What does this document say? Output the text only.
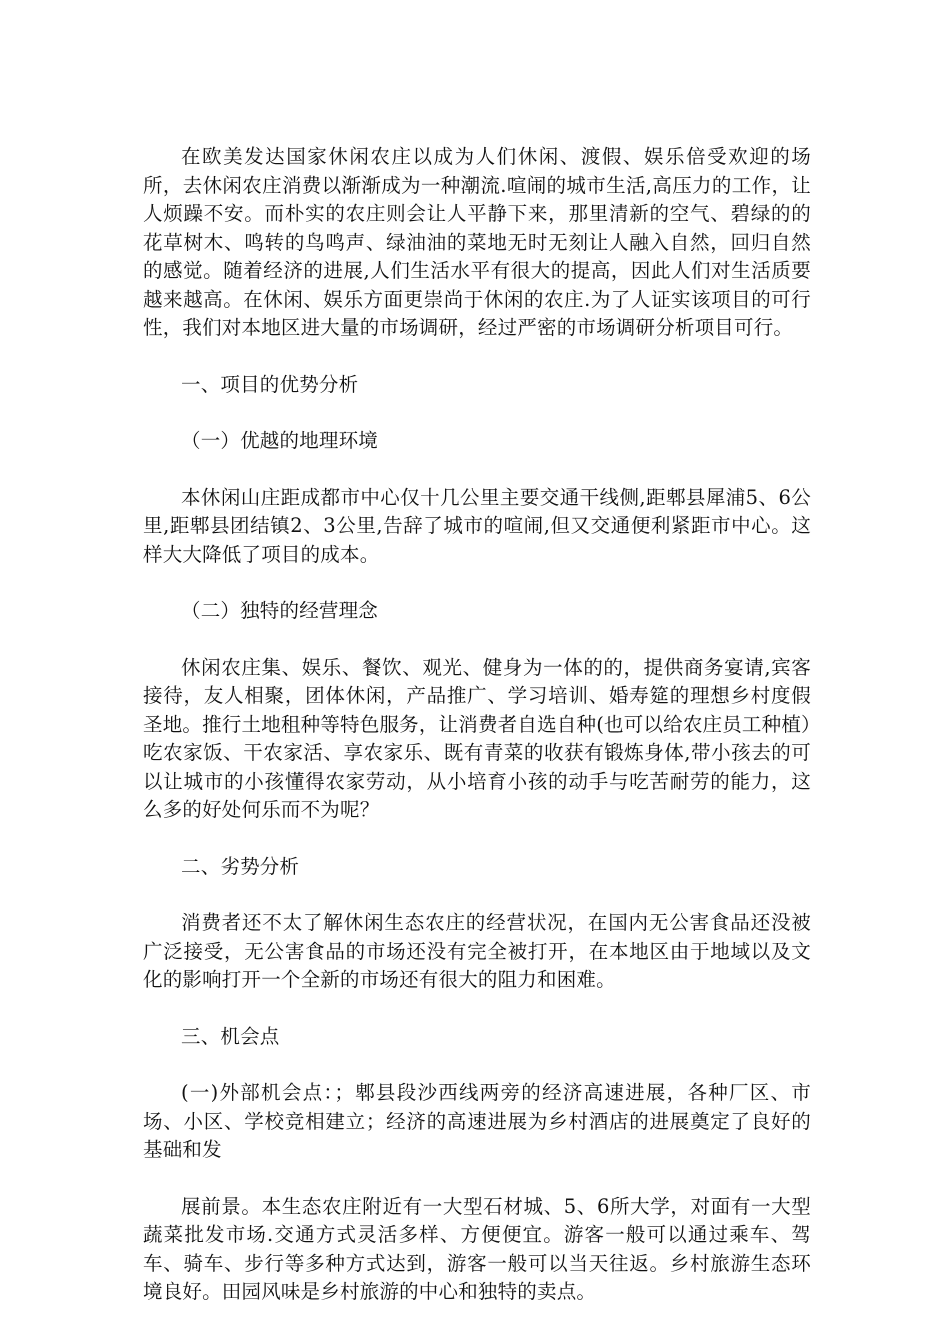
在欧美发达国家休闲农庄以成为人们休闲、渡假、娱乐倍受欢迎的场所，去休闲农庄消费以渐渐成为一种潮流.喧闹的城市生活,高压力的工作，让人烦躁不安。而朴实的农庄则会让人平静下来，那里清新的空气、碧绿的的花草树木、鸣转的鸟鸣声、绿油油的菜地无时无刻让人融入自然，回归自然的感觉。随着经济的进展,人们生活水平有很大的提高，因此人们对生活质要越来越高。在休闲、娱乐方面更崇尚于休闲的农庄.为了人证实该项目的可行性，我们对本地区进大量的市场调研，经过严密的市场调研分析项目可行。

一、项目的优势分析

（一）优越的地理环境

本休闲山庄距成都市中心仅十几公里主要交通干线侧,距郫县犀浦5、6公里,距郫县团结镇2、3公里,告辞了城市的喧闹,但又交通便利紧距市中心。这样大大降低了项目的成本。

（二）独特的经营理念

休闲农庄集、娱乐、餐饮、观光、健身为一体的的，提供商务宴请,宾客接待，友人相聚，团体休闲，产品推广、学习培训、婚寿筵的理想乡村度假圣地。推行土地租种等特色服务，让消费者自选自种(也可以给农庄员工种植）吃农家饭、干农家活、享农家乐、既有青菜的收获有锻炼身体,带小孩去的可以让城市的小孩懂得农家劳动，从小培育小孩的动手与吃苦耐劳的能力，这么多的好处何乐而不为呢？

二、劣势分析

消费者还不太了解休闲生态农庄的经营状况，在国内无公害食品还没被广泛接受，无公害食品的市场还没有完全被打开，在本地区由于地域以及文化的影响打开一个全新的市场还有很大的阻力和困难。

三、机会点

(一)外部机会点：；郫县段沙西线两旁的经济高速进展，各种厂区、市场、小区、学校竞相建立；经济的高速进展为乡村酒店的进展奠定了良好的基础和发

展前景。本生态农庄附近有一大型石材城、5、6所大学，对面有一大型蔬菜批发市场.交通方式灵活多样、方便便宜。游客一般可以通过乘车、驾车、骑车、步行等多种方式达到，游客一般可以当天往返。乡村旅游生态环境良好。田园风味是乡村旅游的中心和独特的卖点。
